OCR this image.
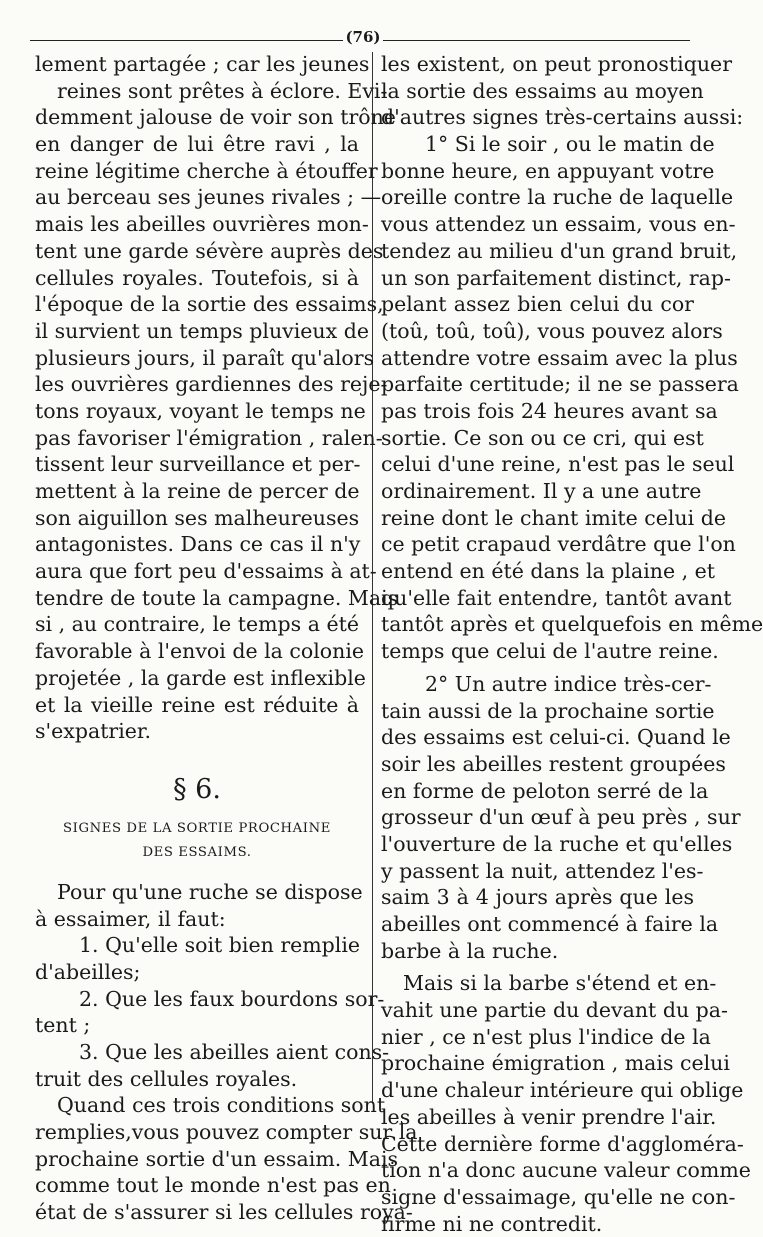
(76)
lement partagée ; car les jeunes
reines sont prêtes à éclore. Evi-
demment jalouse de voir son trône
en danger de lui être ravi , la
reine légitime cherche à étouffer
au berceau ses jeunes rivales ; —
mais les abeilles ouvrières mon-
tent une garde sévère auprès des
cellules royales. Toutefois, si à
l'époque de la sortie des essaims,
il survient un temps pluvieux de
plusieurs jours, il paraît qu'alors
les ouvrières gardiennes des reje-
tons royaux, voyant le temps ne
pas favoriser l'émigration , ralen-
tissent leur surveillance et per-
mettent à la reine de percer de
son aiguillon ses malheureuses
antagonistes. Dans ce cas il n'y
aura que fort peu d'essaims à at-
tendre de toute la campagne. Mais
si , au contraire, le temps a été
favorable à l'envoi de la colonie
projetée , la garde est inflexible
et la vieille reine est réduite à
s'expatrier.
§ 6.
SIGNES DE LA SORTIE PROCHAINE
DES ESSAIMS.
Pour qu'une ruche se dispose
à essaimer, il faut:
1. Qu'elle soit bien remplie
d'abeilles;
2. Que les faux bourdons sor-
tent ;
3. Que les abeilles aient cons-
truit des cellules royales.
Quand ces trois conditions sont
remplies,vous pouvez compter sur la
prochaine sortie d'un essaim. Mais
comme tout le monde n'est pas en
état de s'assurer si les cellules roya-
les existent, on peut pronostiquer
la sortie des essaims au moyen
d'autres signes très-certains aussi:
1° Si le soir , ou le matin de
bonne heure, en appuyant votre
oreille contre la ruche de laquelle
vous attendez un essaim, vous en-
tendez au milieu d'un grand bruit,
un son parfaitement distinct, rap-
pelant assez bien celui du cor
(toû, toû, toû), vous pouvez alors
attendre votre essaim avec la plus
parfaite certitude; il ne se passera
pas trois fois 24 heures avant sa
sortie. Ce son ou ce cri, qui est
celui d'une reine, n'est pas le seul
ordinairement. Il y a une autre
reine dont le chant imite celui de
ce petit crapaud verdâtre que l'on
entend en été dans la plaine , et
qu'elle fait entendre, tantôt avant
tantôt après et quelquefois en même
temps que celui de l'autre reine.
2° Un autre indice très-cer-
tain aussi de la prochaine sortie
des essaims est celui-ci. Quand le
soir les abeilles restent groupées
en forme de peloton serré de la
grosseur d'un œuf à peu près , sur
l'ouverture de la ruche et qu'elles
y passent la nuit, attendez l'es-
saim 3 à 4 jours après que les
abeilles ont commencé à faire la
barbe à la ruche.
Mais si la barbe s'étend et en-
vahit une partie du devant du pa-
nier , ce n'est plus l'indice de la
prochaine émigration , mais celui
d'une chaleur intérieure qui oblige
les abeilles à venir prendre l'air.
Cette dernière forme d'aggloméra-
tion n'a donc aucune valeur comme
signe d'essaimage, qu'elle ne con-
firme ni ne contredit.
